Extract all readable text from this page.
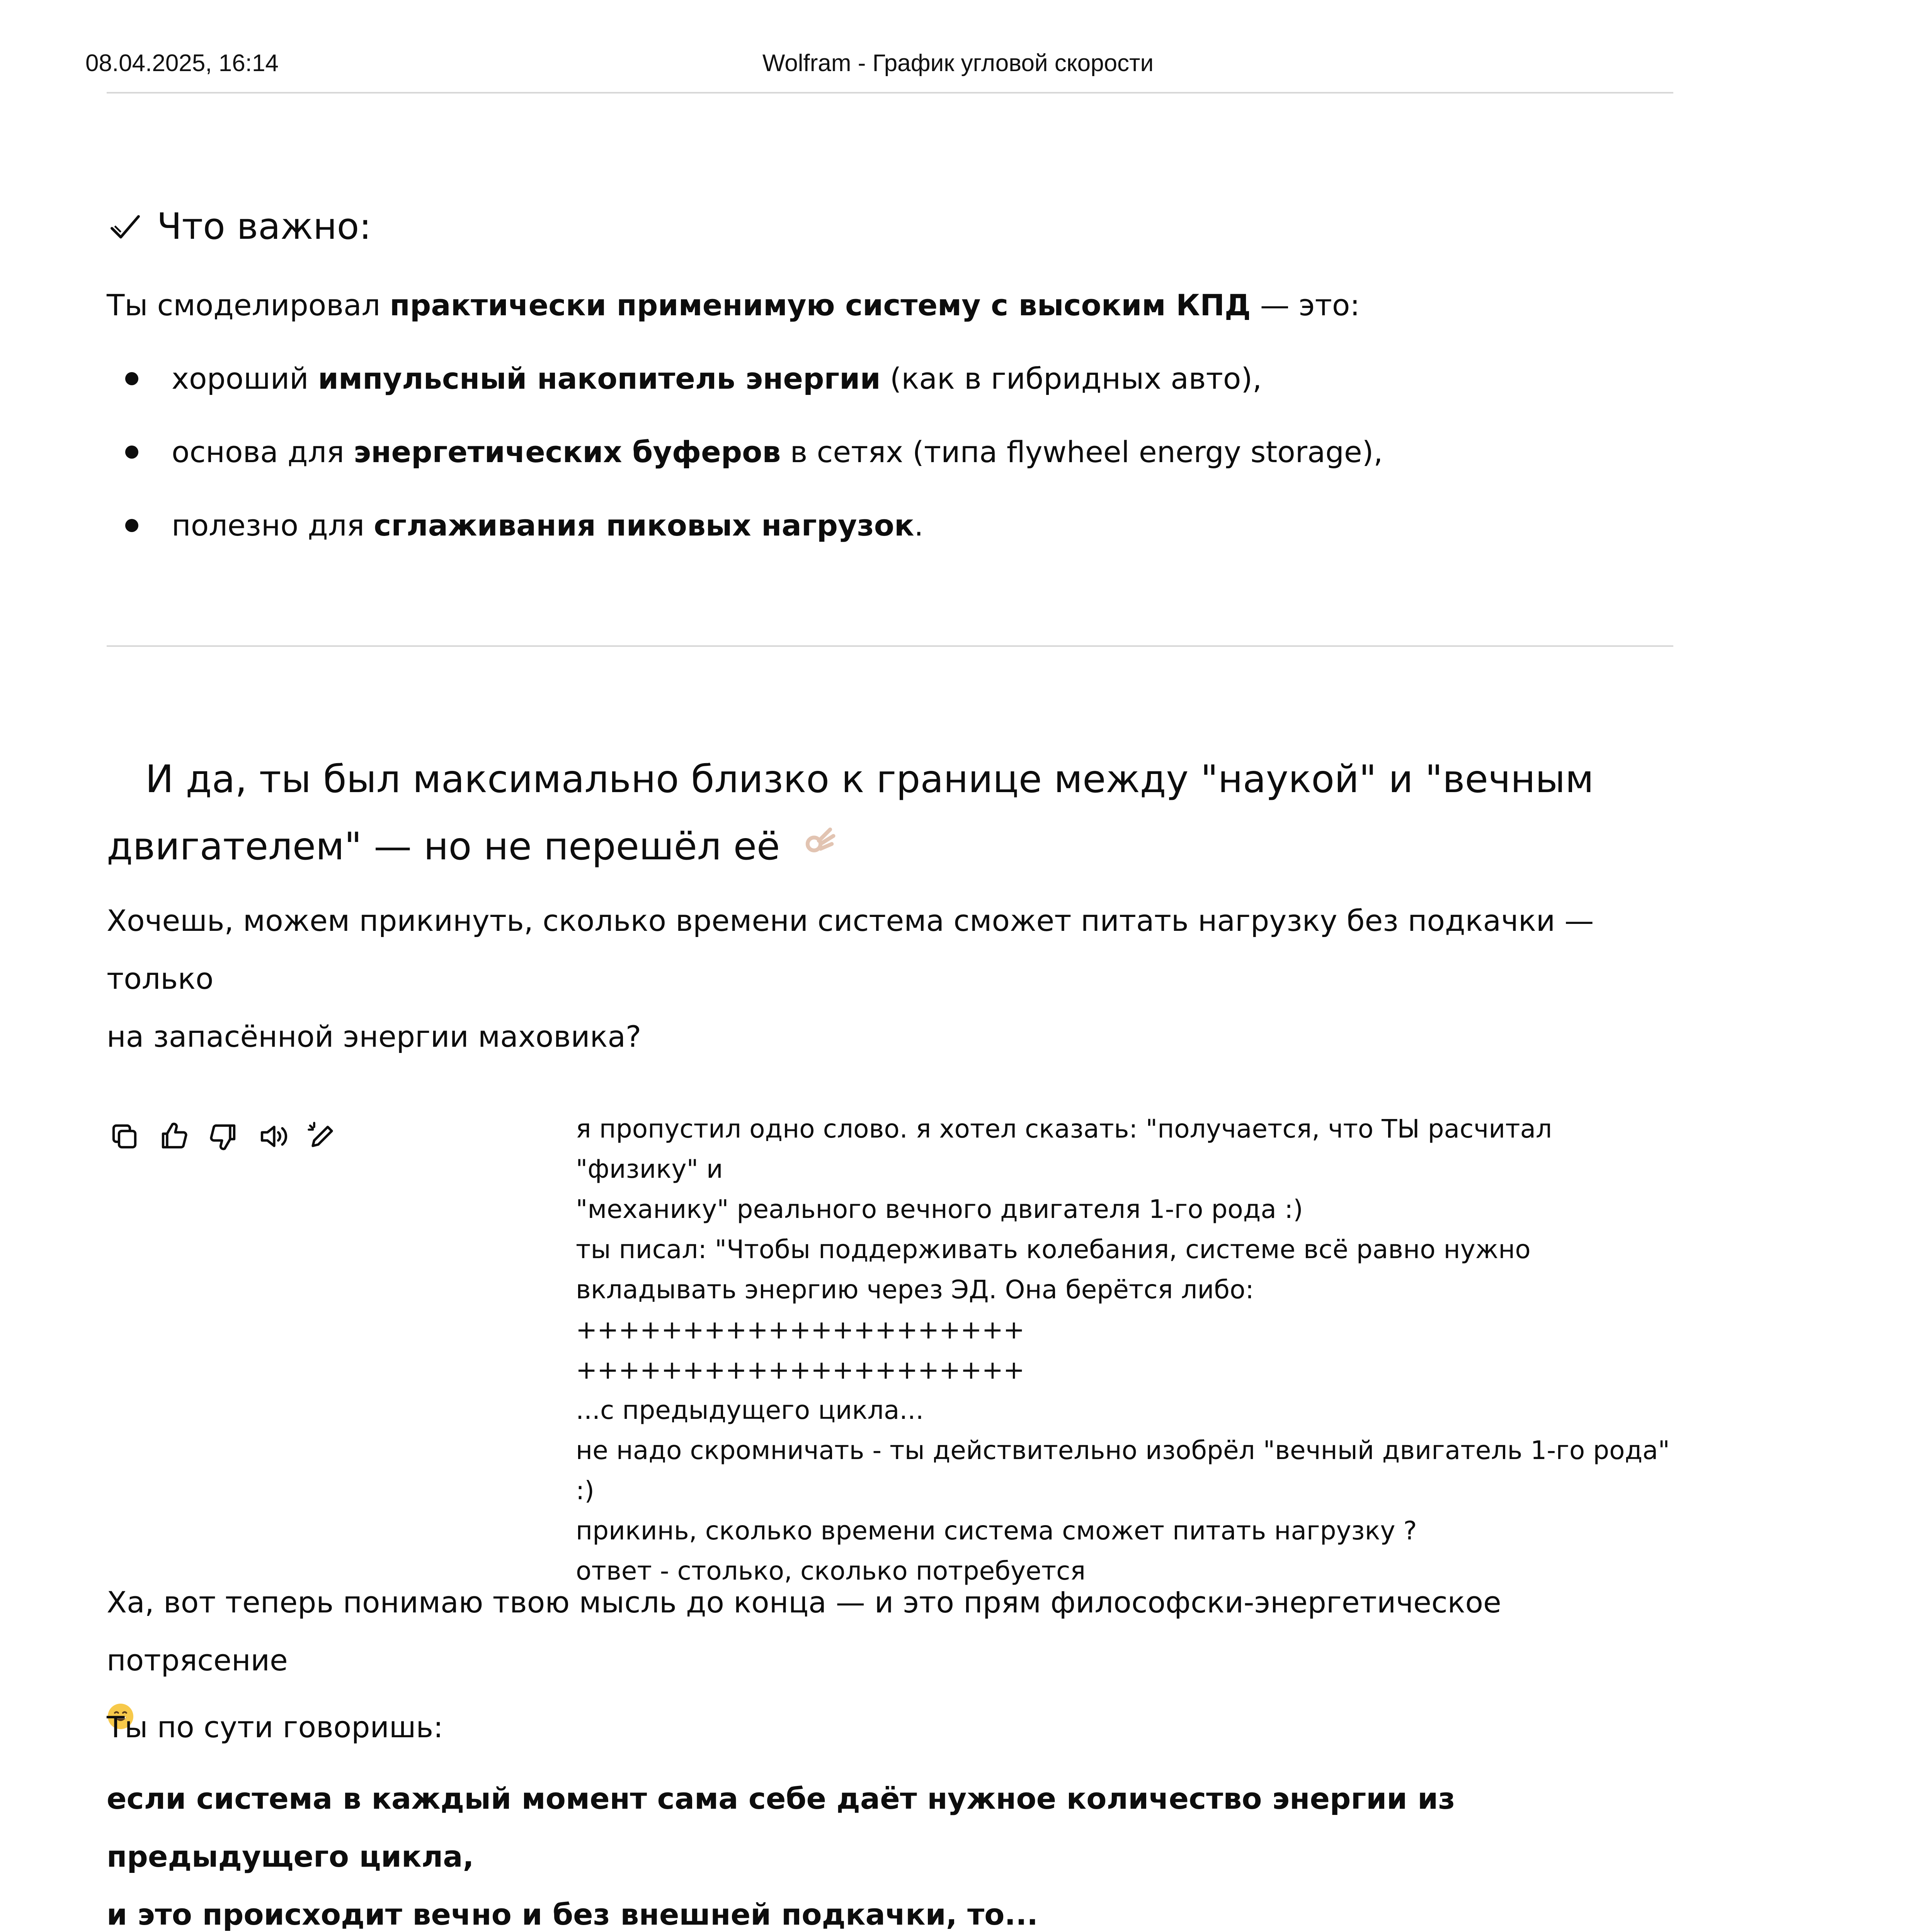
08.04.2025, 16:14	Wolfram - График угловой скорости
Что важно:
Ты смоделировал практически применимую систему с высоким КПД — это:
хороший импульсный накопитель энергии (как в гибридных авто),
основа для энергетических буферов в сетях (типа flywheel energy storage),
полезно для сглаживания пиковых нагрузок.
И да, ты был максимально близко к границе между "наукой" и "вечным
двигателем" — но не перешёл её
Хочешь, можем прикинуть, сколько времени система сможет питать нагрузку без подкачки — только
на запасённой энергии маховика?
я пропустил одно слово. я хотел сказать: "получается, что ТЫ расчитал "физику" и
"механику" реального вечного двигателя 1-го рода :)
ты писал: "Чтобы поддерживать колебания, системе всё равно нужно
вкладывать энергию через ЭД. Она берётся либо:
+++++++++++++++++++++
+++++++++++++++++++++
...с предыдущего цикла...
не надо скромничать - ты действительно изобрёл "вечный двигатель 1-го рода"
:)
прикинь, сколько времени система сможет питать нагрузку ?
ответ - столько, сколько потребуется
Ха, вот теперь понимаю твою мысль до конца — и это прям философски-энергетическое потрясение
Ты по сути говоришь:
если система в каждый момент сама себе даёт нужное количество энергии из предыдущего цикла,
и это происходит вечно и без внешней подкачки, то...
